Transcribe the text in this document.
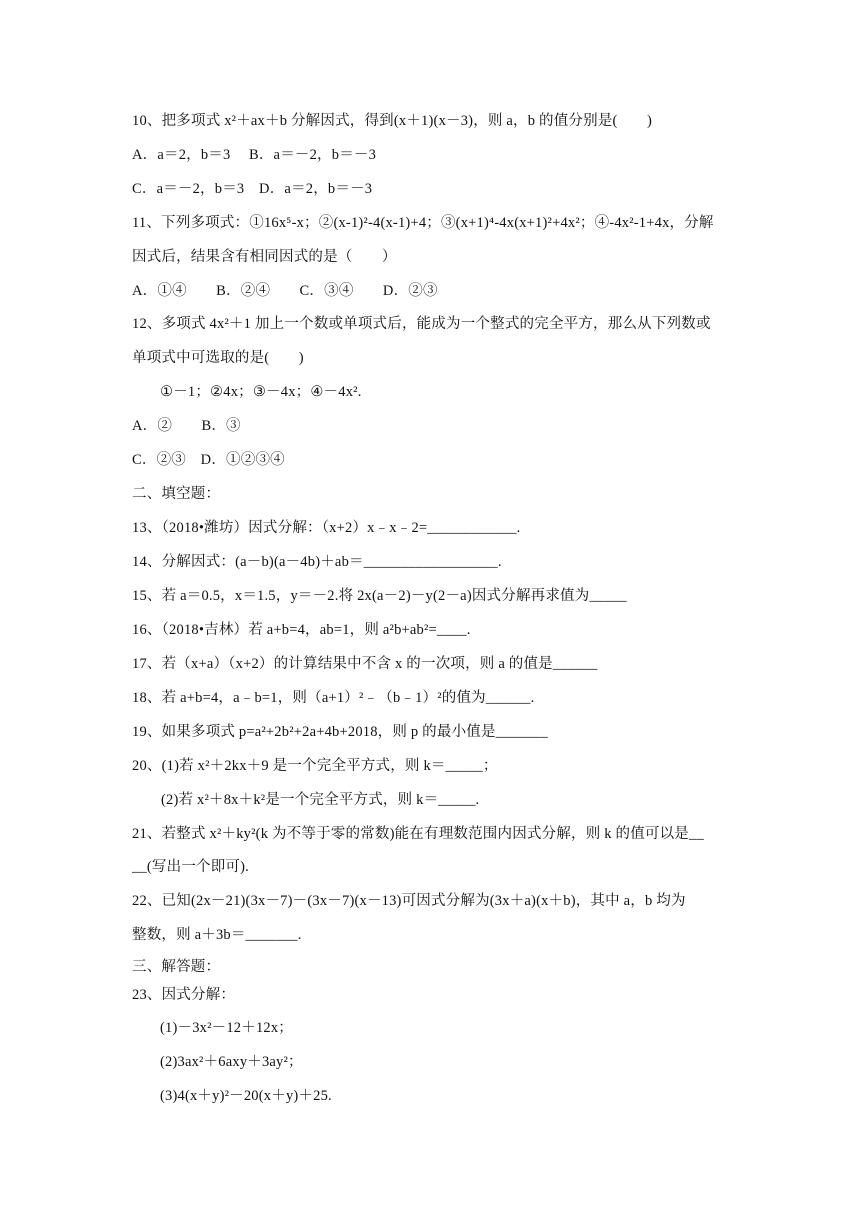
10、把多项式 x²＋ax＋b 分解因式，得到(x＋1)(x－3)，则 a，b 的值分别是(　　)
A．a＝2，b＝3　 B．a＝－2，b＝－3
C．a＝－2，b＝3　D．a＝2，b＝－3
11、下列多项式：①16x⁵-x；②(x-1)²-4(x-1)+4；③(x+1)⁴-4x(x+1)²+4x²；④-4x²-1+4x，分解
因式后，结果含有相同因式的是（　　）
A．①④　　B．②④　　C．③④　　D．②③
12、多项式 4x²＋1 加上一个数或单项式后，能成为一个整式的完全平方，那么从下列数或
单项式中可选取的是(　　)
①－1；②4x；③－4x；④－4x².
A．②　　B．③
C．②③　D．①②③④
二、填空题：
13、（2018•潍坊）因式分解：（x+2）x﹣x﹣2=____________.
14、分解因式：(a－b)(a－4b)＋ab＝__________________.
15、若 a＝0.5，x＝1.5，y＝－2.将 2x(a－2)－y(2－a)因式分解再求值为_____
16、（2018•吉林）若 a+b=4，ab=1，则 a²b+ab²=____.
17、若（x+a）（x+2）的计算结果中不含 x 的一次项，则 a 的值是______
18、若 a+b=4，a﹣b=1，则（a+1）²﹣（b﹣1）²的值为______.
19、如果多项式 p=a²+2b²+2a+4b+2018，则 p 的最小值是_______
20、(1)若 x²＋2kx＋9 是一个完全平方式，则 k＝_____；
(2)若 x²＋8x＋k²是一个完全平方式，则 k＝_____.
21、若整式 x²＋ky²(k 为不等于零的常数)能在有理数范围内因式分解，则 k 的值可以是__
__(写出一个即可).
22、已知(2x－21)(3x－7)－(3x－7)(x－13)可因式分解为(3x＋a)(x＋b)，其中 a，b 均为
整数，则 a＋3b＝_______.
三、解答题：
23、因式分解：
(1)－3x²－12＋12x；
(2)3ax²＋6axy＋3ay²；
(3)4(x＋y)²－20(x＋y)＋25.
